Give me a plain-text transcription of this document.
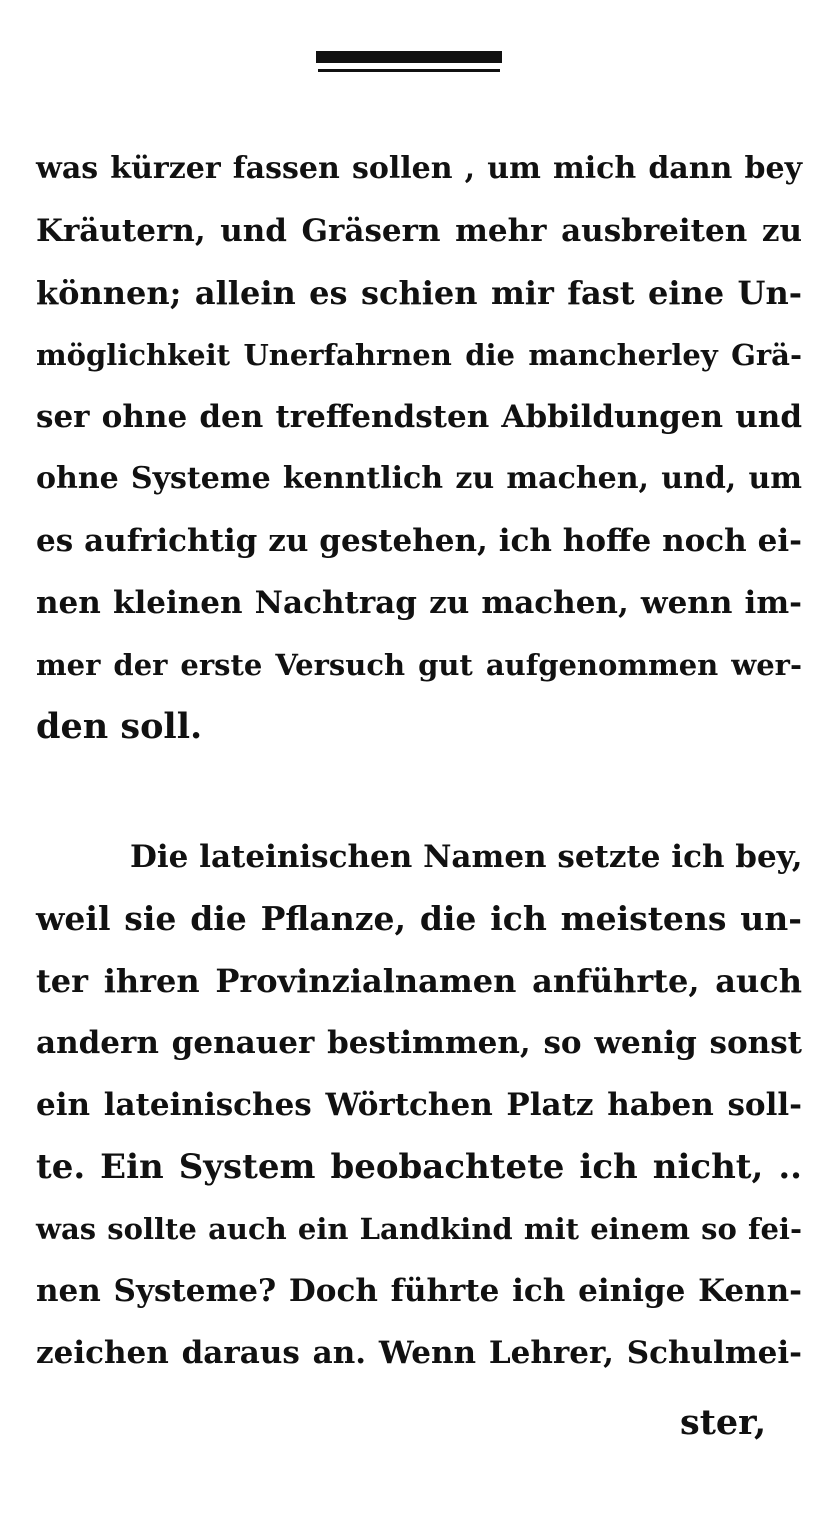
was kürzer fassen sollen , um mich dann bey
Kräutern, und Gräsern mehr ausbreiten zu
können; allein es schien mir fast eine Un-
möglichkeit Unerfahrnen die mancherley Grä-
ser ohne den treffendsten Abbildungen und
ohne Systeme kenntlich zu machen, und, um
es aufrichtig zu gestehen, ich hoffe noch ei-
nen kleinen Nachtrag zu machen, wenn im-
mer der erste Versuch gut aufgenommen wer-
den soll.
Die lateinischen Namen setzte ich bey,
weil sie die Pflanze, die ich meistens un-
ter ihren Provinzialnamen anführte, auch
andern genauer bestimmen, so wenig sonst
ein lateinisches Wörtchen Platz haben soll-
te. Ein System beobachtete ich nicht, ..
was sollte auch ein Landkind mit einem so fei-
nen Systeme? Doch führte ich einige Kenn-
zeichen daraus an. Wenn Lehrer, Schulmei-
ster,
